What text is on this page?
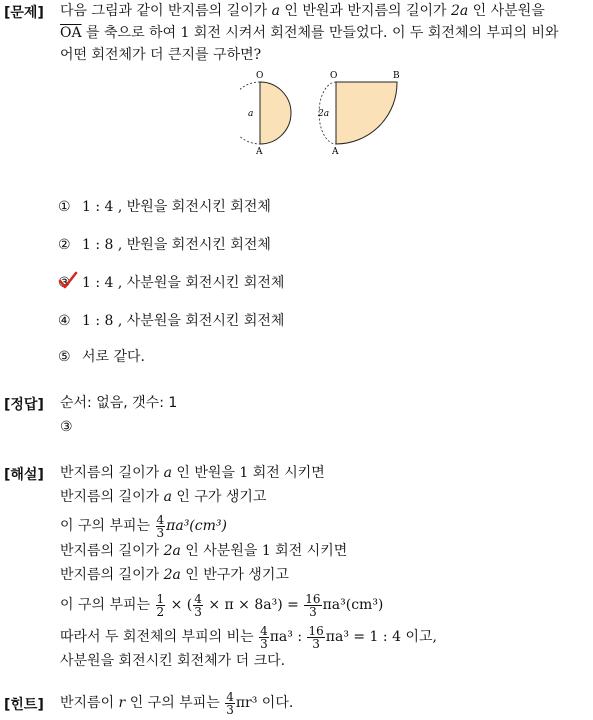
[문제] 다음 그림과 같이 반지름의 길이가 a 인 반원과 반지름의 길이가 2a 인 사분원을
$\overline{OA}$ 를 축으로 하여 1 회전 시켜서 회전체를 만들었다. 이 두 회전체의 부피의 비와
어떤 회전체가 더 큰지를 구하면?
O
a
A
O	B
2a
A
① 1 : 4 , 반원을 회전시킨 회전체
② 1 : 8 , 반원을 회전시킨 회전체
③ 1 : 4 , 사분원을 회전시킨 회전체
④ 1 : 8 , 사분원을 회전시킨 회전체
⑤ 서로 같다.
[정답] 순서: 없음, 갯수: 1
③
[해설] 반지름의 길이가 a 인 반원을 1 회전 시키면
반지름의 길이가 a 인 구가 생기고
이 구의 부피는 $\frac{4}{3} \pi a^3(cm^3)$
반지름의 길이가 2a 인 사분원을 1 회전 시키면
반지름의 길이가 2a 인 반구가 생기고
이 구의 부피는 $\frac{1}{2}$ × ( $\frac{4}{3} \times \pi \times 8a^3) = \frac{16}{3} \pi a^3(cm^3)$
따라서 두 회전체의 부피의 비는 $\frac{4}{3} \pi a^3$ : $\frac{16}{3} \pi a^3 = 1$ : 4 이고,
사분원을 회전시킨 회전체가 더 크다.
[힌트] 반지름이 r 인 구의 부피는 $\frac{4}{3} \pi r^3$ 이다.
